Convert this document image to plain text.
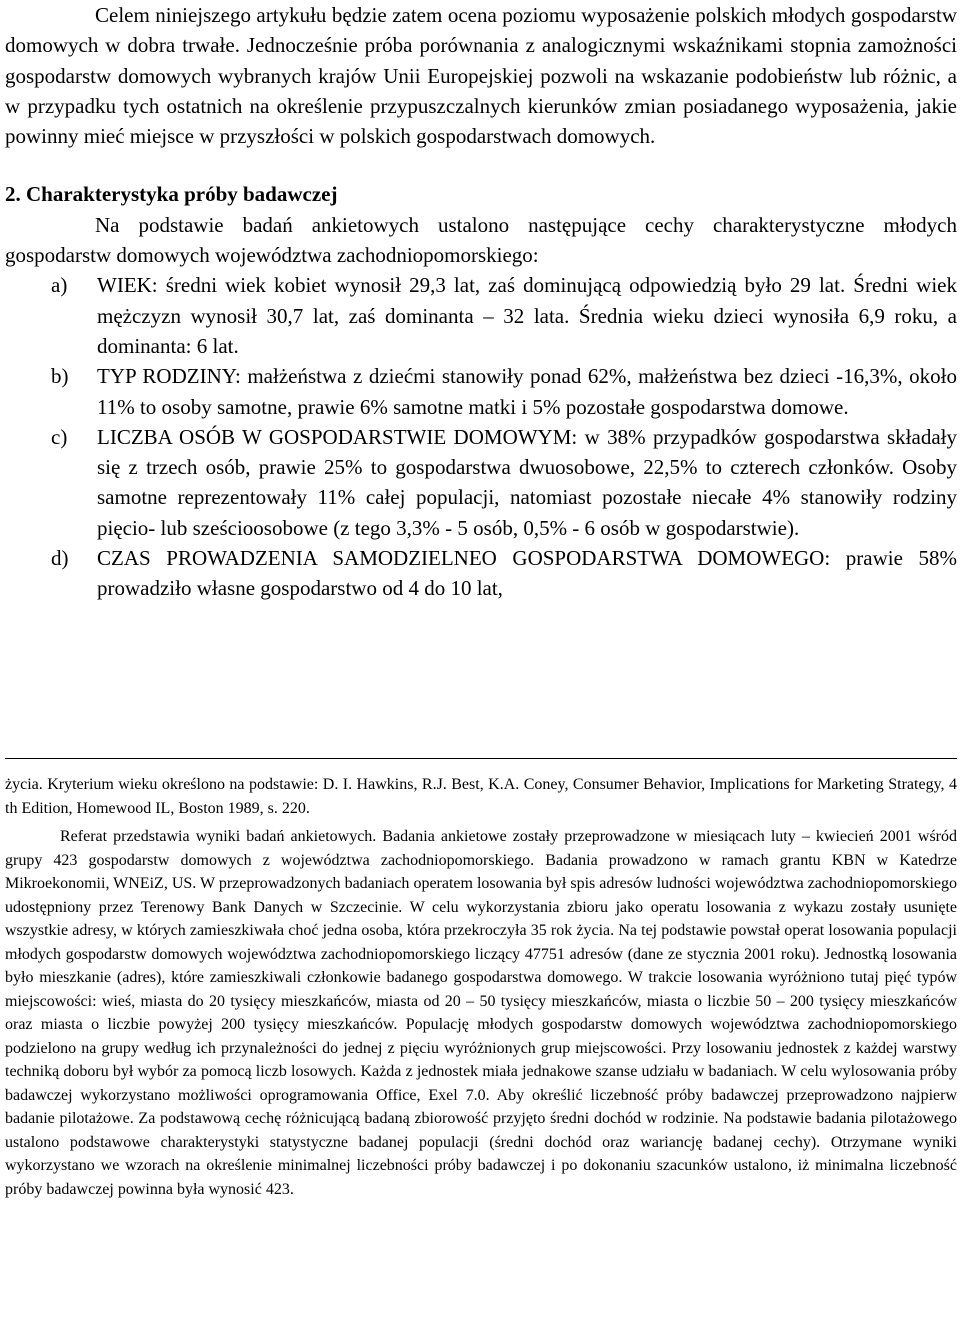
Celem niniejszego artykułu będzie zatem ocena poziomu wyposażenie polskich młodych gospodarstw domowych w dobra trwałe. Jednocześnie próba porównania z analogicznymi wskaźnikami stopnia zamożności gospodarstw domowych wybranych krajów Unii Europejskiej pozwoli na wskazanie podobieństw lub różnic, a w przypadku tych ostatnich na określenie przypuszczalnych kierunków zmian posiadanego wyposażenia, jakie powinny mieć miejsce w przyszłości w polskich gospodarstwach domowych.

2. Charakterystyka próby badawczej

Na podstawie badań ankietowych ustalono następujące cechy charakterystyczne młodych gospodarstw domowych województwa zachodniopomorskiego:

a) WIEK: średni wiek kobiet wynosił 29,3 lat, zaś dominującą odpowiedzią było 29 lat. Średni wiek mężczyzn wynosił 30,7 lat, zaś dominanta – 32 lata. Średnia wieku dzieci wynosiła 6,9 roku, a dominanta: 6 lat.
b) TYP RODZINY: małżeństwa z dziećmi stanowiły ponad 62%, małżeństwa bez dzieci -16,3%, około 11% to osoby samotne, prawie 6% samotne matki i 5% pozostałe gospodarstwa domowe.
c) LICZBA OSÓB W GOSPODARSTWIE DOMOWYM: w 38% przypadków gospodarstwa składały się z trzech osób, prawie 25% to gospodarstwa dwuosobowe, 22,5% to czterech członków. Osoby samotne reprezentowały 11% całej populacji, natomiast pozostałe niecałe 4% stanowiły rodziny pięcio- lub sześcioosobowe (z tego 3,3% - 5 osób, 0,5% - 6 osób w gospodarstwie).
d) CZAS PROWADZENIA SAMODZIELNEO GOSPODARSTWA DOMOWEGO: prawie 58% prowadziło własne gospodarstwo od 4 do 10 lat,

życia. Kryterium wieku określono na podstawie: D. I. Hawkins, R.J. Best, K.A. Coney, Consumer Behavior, Implications for Marketing Strategy, 4 th Edition, Homewood IL, Boston 1989, s. 220.

Referat przedstawia wyniki badań ankietowych. Badania ankietowe zostały przeprowadzone w miesiącach luty – kwiecień 2001 wśród grupy 423 gospodarstw domowych z województwa zachodniopomorskiego. Badania prowadzono w ramach grantu KBN w Katedrze Mikroekonomii, WNEiZ, US. W przeprowadzonych badaniach operatem losowania był spis adresów ludności województwa zachodniopomorskiego udostępniony przez Terenowy Bank Danych w Szczecinie. W celu wykorzystania zbioru jako operatu losowania z wykazu zostały usunięte wszystkie adresy, w których zamieszkiwała choć jedna osoba, która przekroczyła 35 rok życia. Na tej podstawie powstał operat losowania populacji młodych gospodarstw domowych województwa zachodniopomorskiego liczący 47751 adresów (dane ze stycznia 2001 roku). Jednostką losowania było mieszkanie (adres), które zamieszkiwali członkowie badanego gospodarstwa domowego. W trakcie losowania wyróżniono tutaj pięć typów miejscowości: wieś, miasta do 20 tysięcy mieszkańców, miasta od 20 – 50 tysięcy mieszkańców, miasta o liczbie 50 – 200 tysięcy mieszkańców oraz miasta o liczbie powyżej 200 tysięcy mieszkańców. Populację młodych gospodarstw domowych województwa zachodniopomorskiego podzielono na grupy według ich przynależności do jednej z pięciu wyróżnionych grup miejscowości. Przy losowaniu jednostek z każdej warstwy techniką doboru był wybór za pomocą liczb losowych. Każda z jednostek miała jednakowe szanse udziału w badaniach. W celu wylosowania próby badawczej wykorzystano możliwości oprogramowania Office, Exel 7.0. Aby określić liczebność próby badawczej przeprowadzono najpierw badanie pilotażowe. Za podstawową cechę różnicującą badaną zbiorowość przyjęto średni dochód w rodzinie. Na podstawie badania pilotażowego ustalono podstawowe charakterystyki statystyczne badanej populacji (średni dochód oraz wariancję badanej cechy). Otrzymane wyniki wykorzystano we wzorach na określenie minimalnej liczebności próby badawczej i po dokonaniu szacunków ustalono, iż minimalna liczebność próby badawczej powinna była wynosić 423.
